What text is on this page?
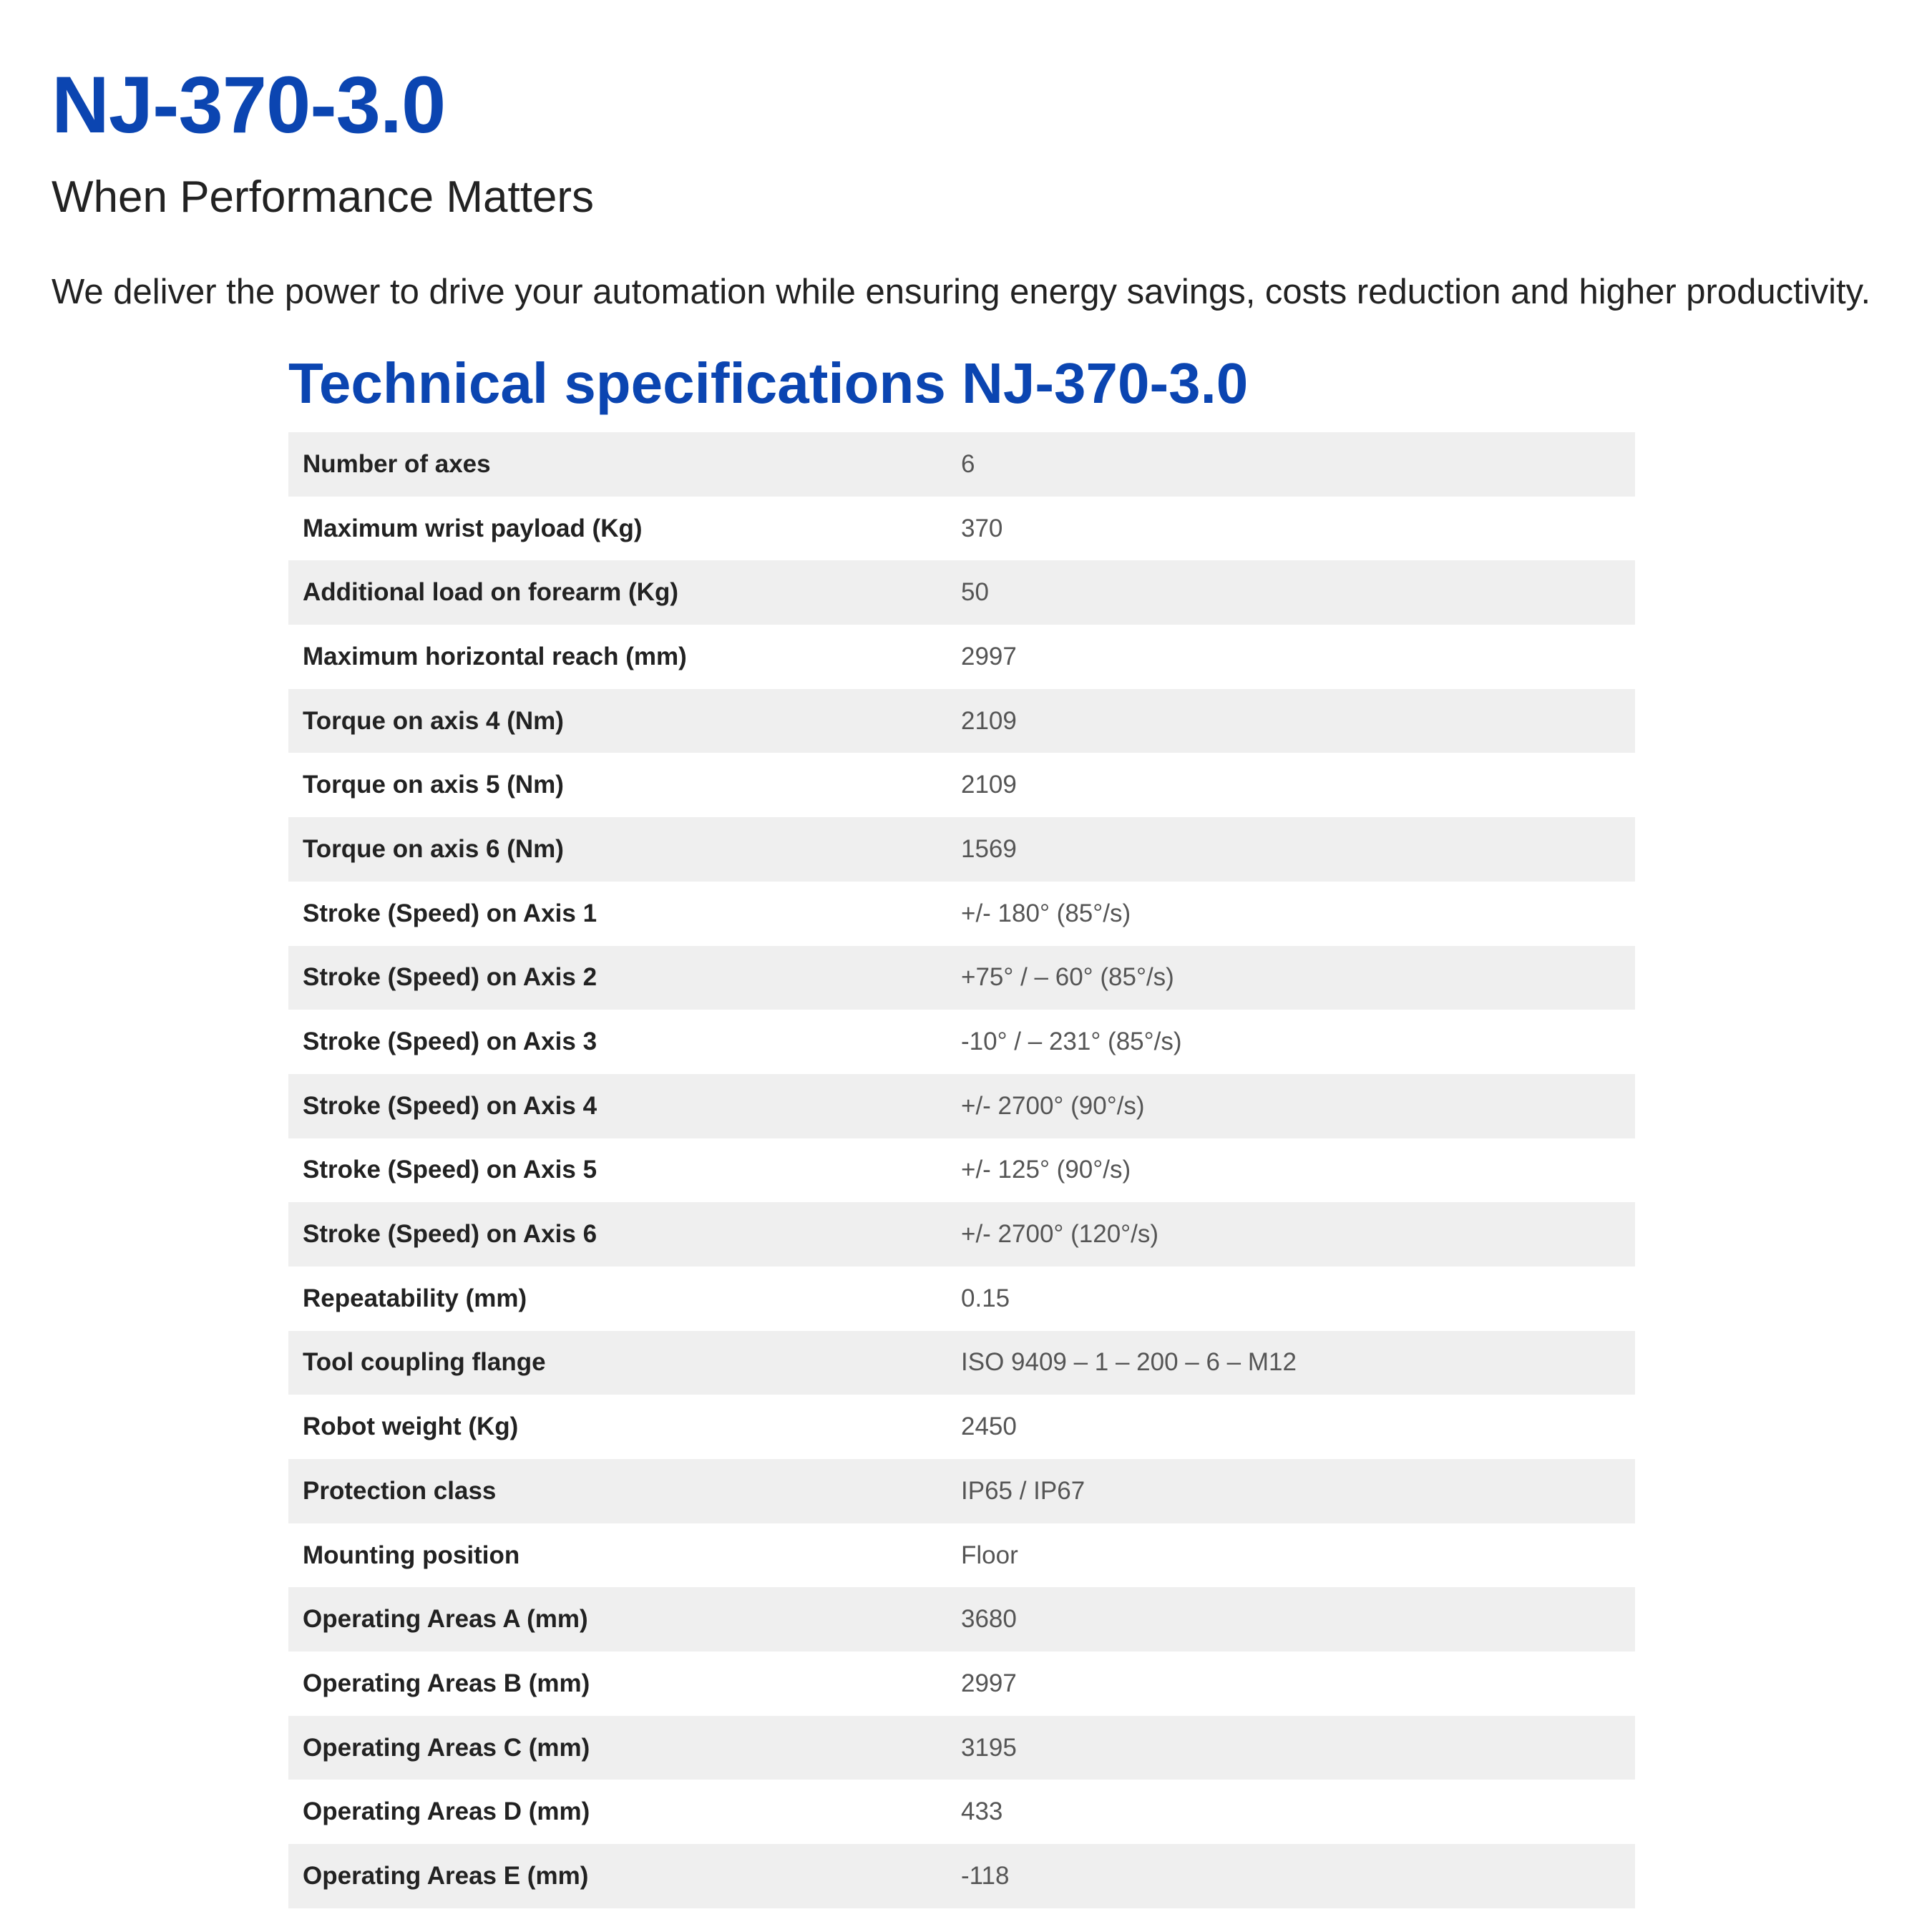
NJ-370-3.0
When Performance Matters

We deliver the power to drive your automation while ensuring energy savings, costs reduction and higher productivity.

Technical specifications NJ-370-3.0
Number of axes	6
Maximum wrist payload (Kg)	370
Additional load on forearm (Kg)	50
Maximum horizontal reach (mm)	2997
Torque on axis 4 (Nm)	2109
Torque on axis 5 (Nm)	2109
Torque on axis 6 (Nm)	1569
Stroke (Speed) on Axis 1	+/- 180° (85°/s)
Stroke (Speed) on Axis 2	+75° / – 60° (85°/s)
Stroke (Speed) on Axis 3	-10° / – 231° (85°/s)
Stroke (Speed) on Axis 4	+/- 2700° (90°/s)
Stroke (Speed) on Axis 5	+/- 125° (90°/s)
Stroke (Speed) on Axis 6	+/- 2700° (120°/s)
Repeatability (mm)	0.15
Tool coupling flange	ISO 9409 – 1 – 200 – 6 – M12
Robot weight (Kg)	2450
Protection class	IP65 / IP67
Mounting position	Floor
Operating Areas A (mm)	3680
Operating Areas B (mm)	2997
Operating Areas C (mm)	3195
Operating Areas D (mm)	433
Operating Areas E (mm)	-118
